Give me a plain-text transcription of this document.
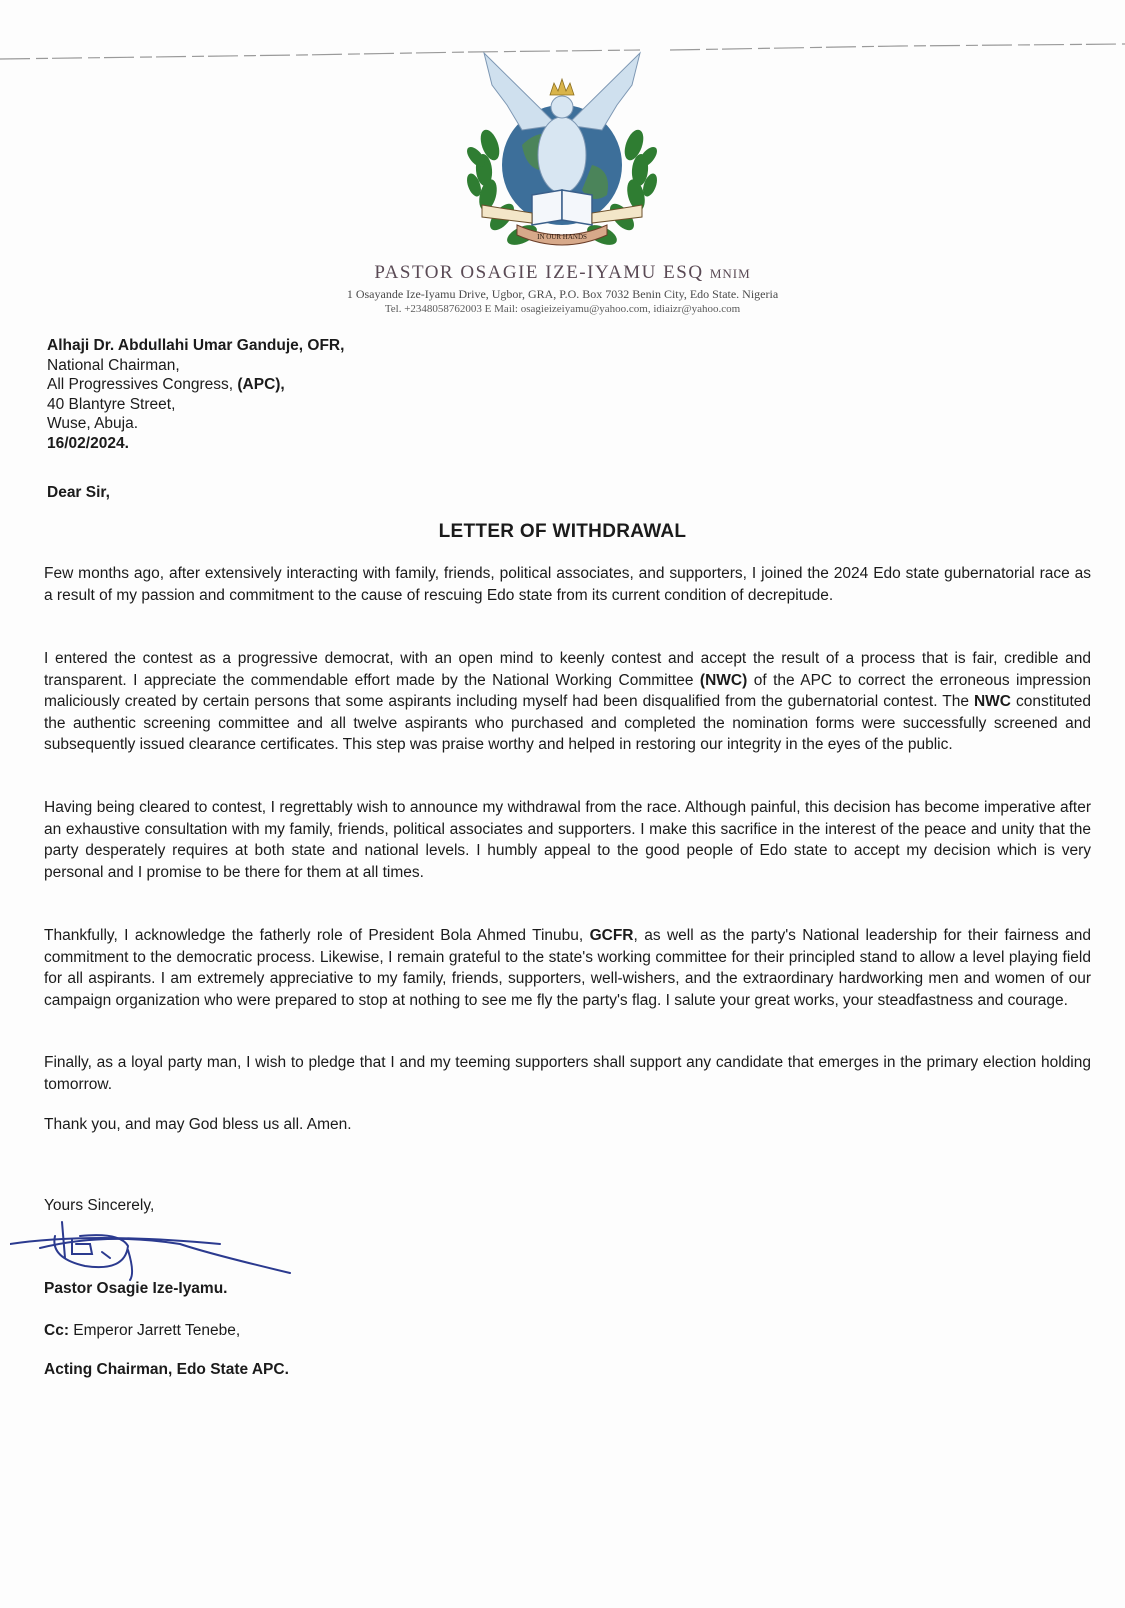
IN OUR HANDS
PASTOR OSAGIE IZE-IYAMU ESQ MNIM
1 Osayande Ize-Iyamu Drive, Ugbor, GRA, P.O. Box 7032 Benin City, Edo State. Nigeria
Tel. +2348058762003 E Mail: osagieizeiyamu@yahoo.com, idiaizr@yahoo.com
Alhaji Dr. Abdullahi Umar Ganduje, OFR,
National Chairman,
All Progressives Congress, (APC),
40 Blantyre Street,
Wuse, Abuja.
16/02/2024.
Dear Sir,
LETTER OF WITHDRAWAL
Few months ago, after extensively interacting with family, friends, political associates, and supporters, I joined the 2024 Edo state gubernatorial race as a result of my passion and commitment to the cause of rescuing Edo state from its current condition of decrepitude.
I entered the contest as a progressive democrat, with an open mind to keenly contest and accept the result of a process that is fair, credible and transparent. I appreciate the commendable effort made by the National Working Committee (NWC) of the APC to correct the erroneous impression maliciously created by certain persons that some aspirants including myself had been disqualified from the gubernatorial contest. The NWC constituted the authentic screening committee and all twelve aspirants who purchased and completed the nomination forms were successfully screened and subsequently issued clearance certificates. This step was praise worthy and helped in restoring our integrity in the eyes of the public.
Having being cleared to contest, I regrettably wish to announce my withdrawal from the race. Although painful, this decision has become imperative after an exhaustive consultation with my family, friends, political associates and supporters. I make this sacrifice in the interest of the peace and unity that the party desperately requires at both state and national levels. I humbly appeal to the good people of Edo state to accept my decision which is very personal and I promise to be there for them at all times.
Thankfully, I acknowledge the fatherly role of President Bola Ahmed Tinubu, GCFR, as well as the party's National leadership for their fairness and commitment to the democratic process. Likewise, I remain grateful to the state's working committee for their principled stand to allow a level playing field for all aspirants. I am extremely appreciative to my family, friends, supporters, well-wishers, and the extraordinary hardworking men and women of our campaign organization who were prepared to stop at nothing to see me fly the party's flag. I salute your great works, your steadfastness and courage.
Finally, as a loyal party man, I wish to pledge that I and my teeming supporters shall support any candidate that emerges in the primary election holding tomorrow.
Thank you, and may God bless us all. Amen.
Yours Sincerely,
Pastor Osagie Ize-Iyamu.
Cc: Emperor Jarrett Tenebe,
Acting Chairman, Edo State APC.
